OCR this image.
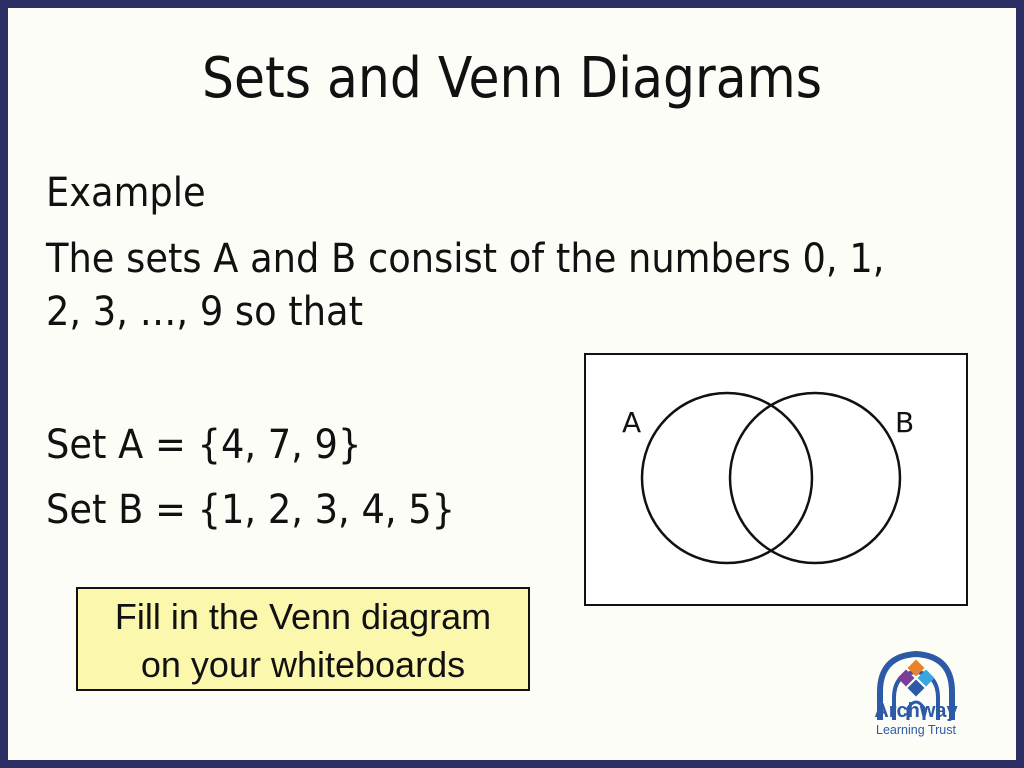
Sets and Venn Diagrams
Example
The sets A and B consist of the numbers 0, 1,
2, 3, …, 9 so that
Set A = {4, 7, 9}
Set B = {1, 2, 3, 4, 5}
A	B
Fill in the Venn diagram
on your whiteboards
Archway
Learning Trust
